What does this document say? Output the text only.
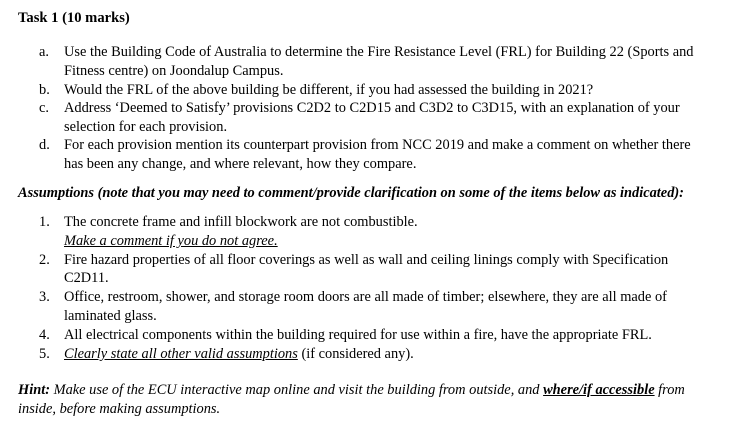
Task 1 (10 marks)
a. Use the Building Code of Australia to determine the Fire Resistance Level (FRL) for Building 22 (Sports and
Fitness centre) on Joondalup Campus.
b. Would the FRL of the above building be different, if you had assessed the building in 2021?
c. Address ‘Deemed to Satisfy’ provisions C2D2 to C2D15 and C3D2 to C3D15, with an explanation of your
selection for each provision.
d. For each provision mention its counterpart provision from NCC 2019 and make a comment on whether there
has been any change, and where relevant, how they compare.
Assumptions (note that you may need to comment/provide clarification on some of the items below as indicated):
1. The concrete frame and infill blockwork are not combustible.
Make a comment if you do not agree.
2. Fire hazard properties of all floor coverings as well as wall and ceiling linings comply with Specification
C2D11.
3. Office, restroom, shower, and storage room doors are all made of timber; elsewhere, they are all made of
laminated glass.
4. All electrical components within the building required for use within a fire, have the appropriate FRL.
5. Clearly state all other valid assumptions (if considered any).
Hint: Make use of the ECU interactive map online and visit the building from outside, and where/if accessible from
inside, before making assumptions.
